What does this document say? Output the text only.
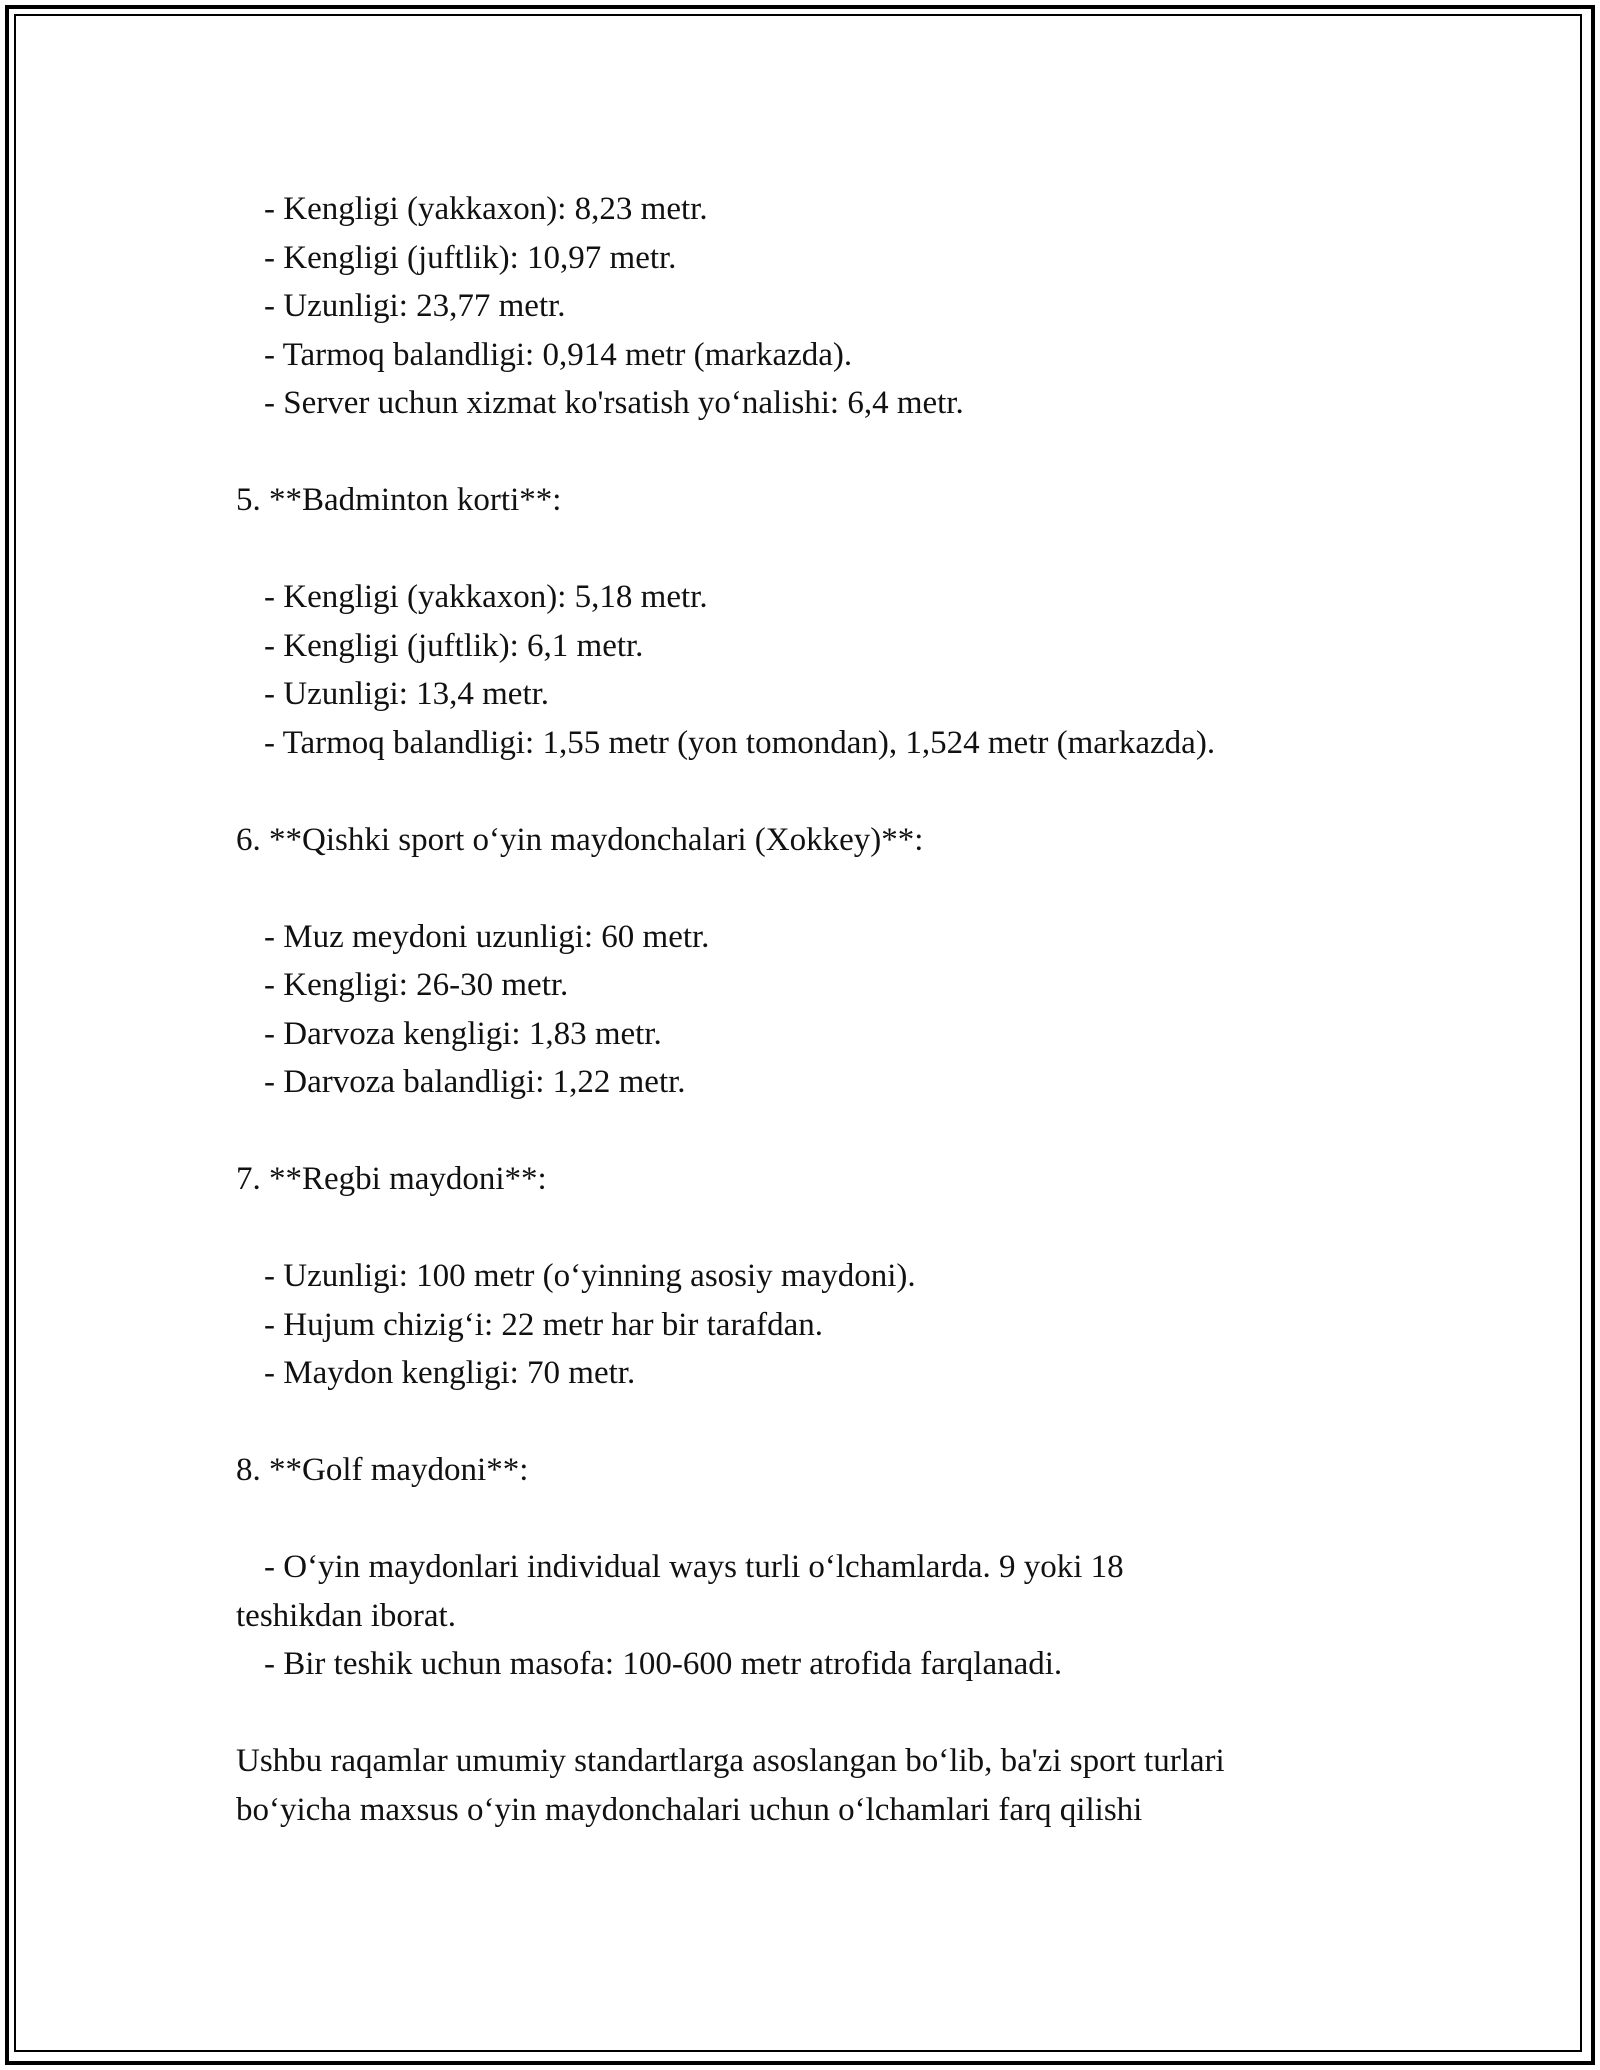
- Kengligi (yakkaxon): 8,23 metr.
- Kengligi (juftlik): 10,97 metr.
- Uzunligi: 23,77 metr.
- Tarmoq balandligi: 0,914 metr (markazda).
- Server uchun xizmat ko'rsatish yo‘nalishi: 6,4 metr.
5. **Badminton korti**:
- Kengligi (yakkaxon): 5,18 metr.
- Kengligi (juftlik): 6,1 metr.
- Uzunligi: 13,4 metr.
- Tarmoq balandligi: 1,55 metr (yon tomondan), 1,524 metr (markazda).
6. **Qishki sport o‘yin maydonchalari (Xokkey)**:
- Muz meydoni uzunligi: 60 metr.
- Kengligi: 26-30 metr.
- Darvoza kengligi: 1,83 metr.
- Darvoza balandligi: 1,22 metr.
7. **Regbi maydoni**:
- Uzunligi: 100 metr (o‘yinning asosiy maydoni).
- Hujum chizig‘i: 22 metr har bir tarafdan.
- Maydon kengligi: 70 metr.
8. **Golf maydoni**:
- O‘yin maydonlari individual ways turli o‘lchamlarda. 9 yoki 18
teshikdan iborat.
- Bir teshik uchun masofa: 100-600 metr atrofida farqlanadi.
Ushbu raqamlar umumiy standartlarga asoslangan bo‘lib, ba'zi sport turlari
bo‘yicha maxsus o‘yin maydonchalari uchun o‘lchamlari farq qilishi
